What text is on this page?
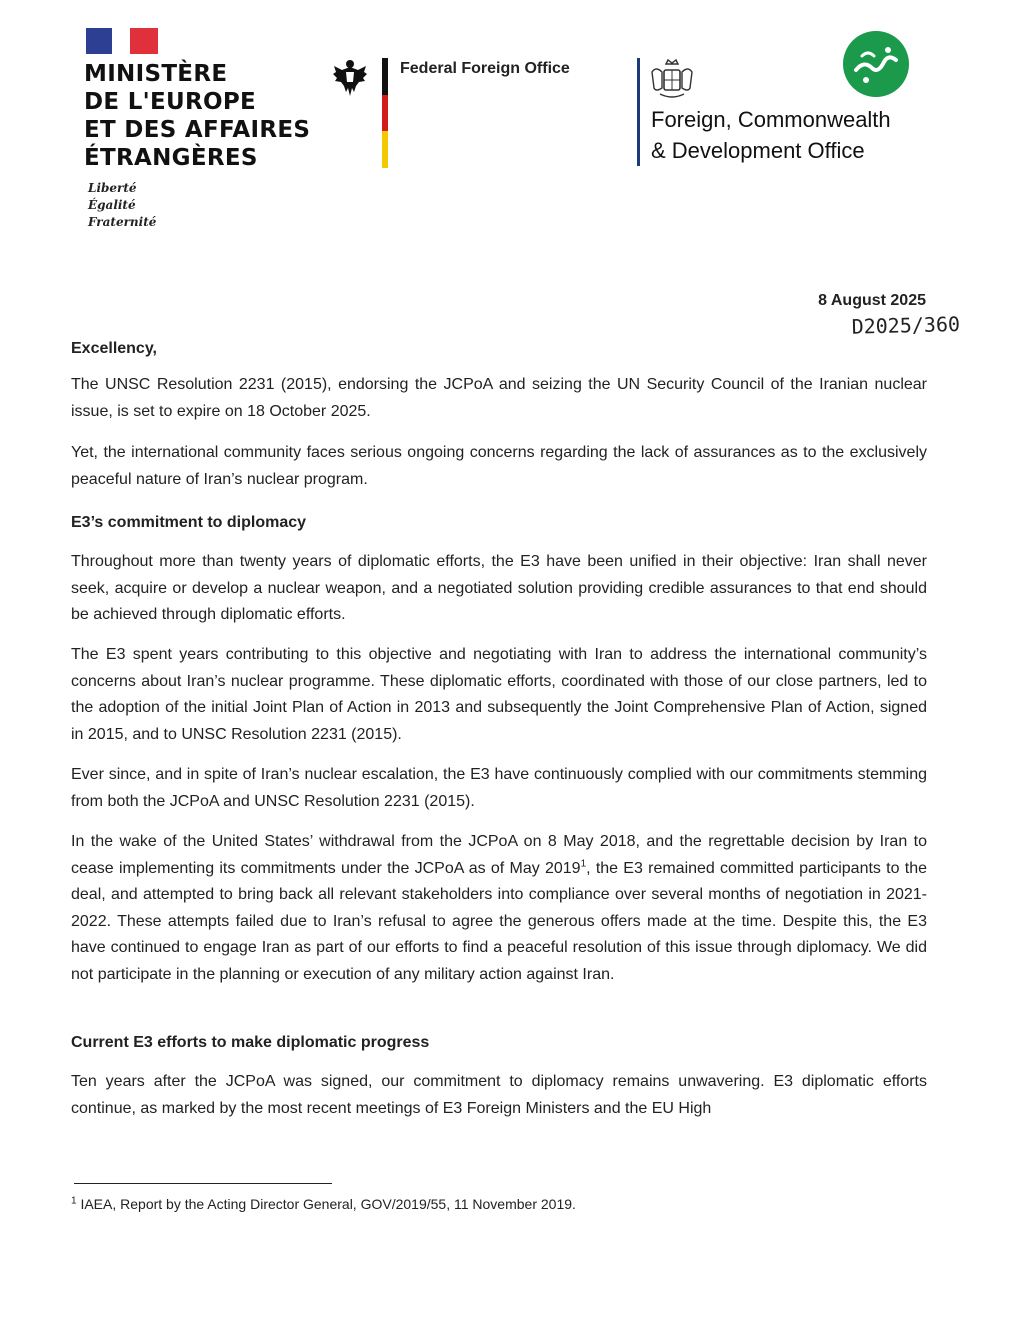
MINISTÈRE
DE L'EUROPE
ET DES AFFAIRES
ÉTRANGÈRES
Liberté
Égalité
Fraternité
Federal Foreign Office
Foreign, Commonwealth
& Development Office
8 August 2025
D2025/360
Excellency,
The UNSC Resolution 2231 (2015), endorsing the JCPoA and seizing the UN Security Council of the Iranian nuclear issue, is set to expire on 18 October 2025.
Yet, the international community faces serious ongoing concerns regarding the lack of assurances as to the exclusively peaceful nature of Iran’s nuclear program.
E3’s commitment to diplomacy
Throughout more than twenty years of diplomatic efforts, the E3 have been unified in their objective: Iran shall never seek, acquire or develop a nuclear weapon, and a negotiated solution providing credible assurances to that end should be achieved through diplomatic efforts.
The E3 spent years contributing to this objective and negotiating with Iran to address the international community’s concerns about Iran’s nuclear programme. These diplomatic efforts, coordinated with those of our close partners, led to the adoption of the initial Joint Plan of Action in 2013 and subsequently the Joint Comprehensive Plan of Action, signed in 2015, and to UNSC Resolution 2231 (2015).
Ever since, and in spite of Iran’s nuclear escalation, the E3 have continuously complied with our commitments stemming from both the JCPoA and UNSC Resolution 2231 (2015).
In the wake of the United States’ withdrawal from the JCPoA on 8 May 2018, and the regrettable decision by Iran to cease implementing its commitments under the JCPoA as of May 2019$^1$, the E3 remained committed participants to the deal, and attempted to bring back all relevant stakeholders into compliance over several months of negotiation in 2021-2022. These attempts failed due to Iran’s refusal to agree the generous offers made at the time. Despite this, the E3 have continued to engage Iran as part of our efforts to find a peaceful resolution of this issue through diplomacy. We did not participate in the planning or execution of any military action against Iran.
Current E3 efforts to make diplomatic progress
Ten years after the JCPoA was signed, our commitment to diplomacy remains unwavering. E3 diplomatic efforts continue, as marked by the most recent meetings of E3 Foreign Ministers and the EU High
$^1$ IAEA, Report by the Acting Director General, GOV/2019/55, 11 November 2019.
